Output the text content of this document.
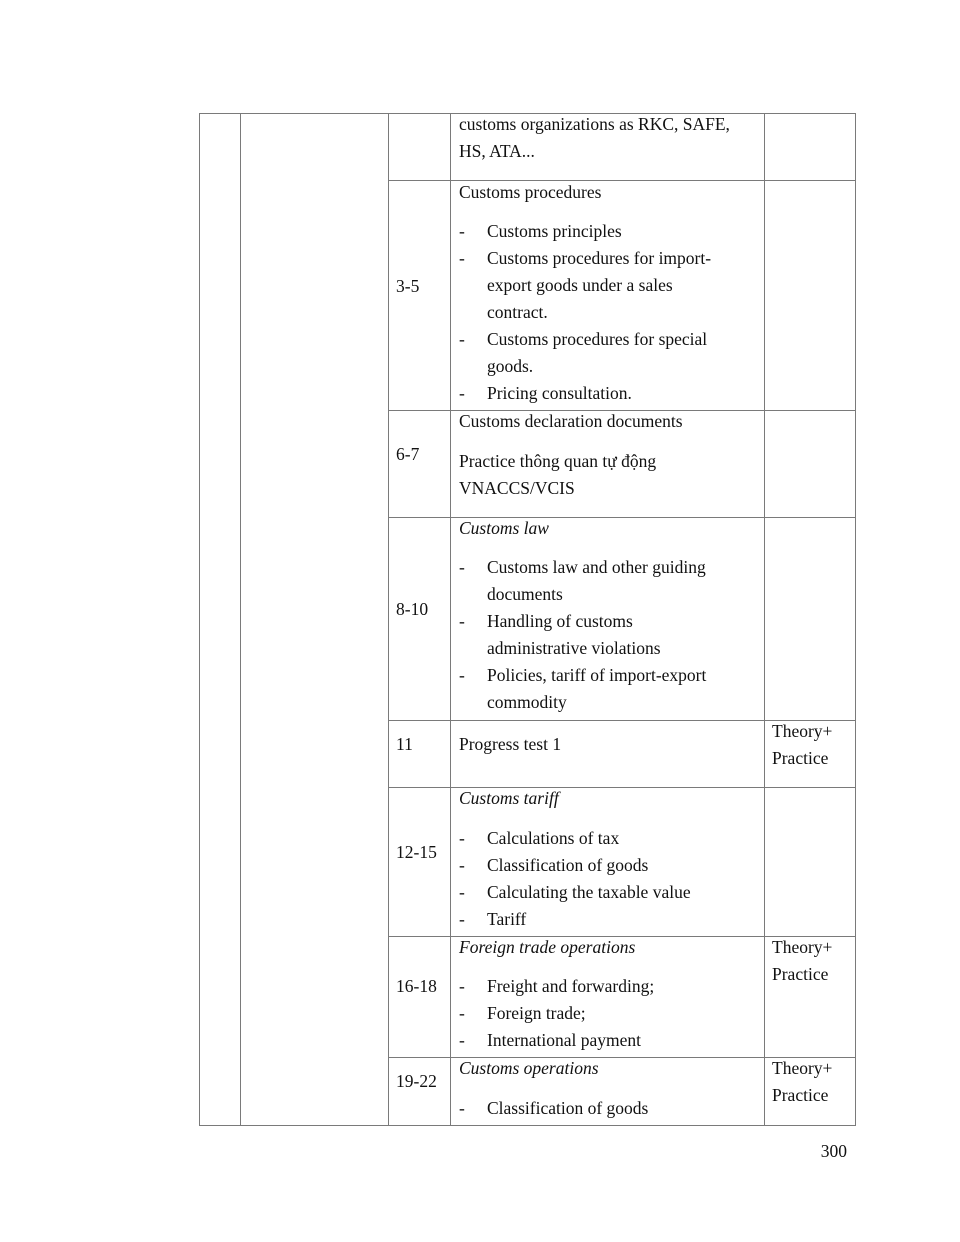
customs organizations as RKC, SAFE,
HS, ATA...
3-5
Customs procedures
- Customs principles
- Customs procedures for import-
export goods under a sales
contract.
- Customs procedures for special
goods.
- Pricing consultation.
6-7
Customs declaration documents
Practice thông quan tự động
VNACCS/VCIS
8-10
Customs law
- Customs law and other guiding
documents
- Handling of customs
administrative violations
- Policies, tariff of import-export
commodity
11	Progress test 1
Theory+
Practice
12-15
Customs tariff
- Calculations of tax
- Classification of goods
- Calculating the taxable value
- Tariff
16-18
Foreign trade operations
- Freight and forwarding;
- Foreign trade;
- International payment
Theory+
Practice
19-22
Customs operations
- Classification of goods
Theory+
Practice
300
